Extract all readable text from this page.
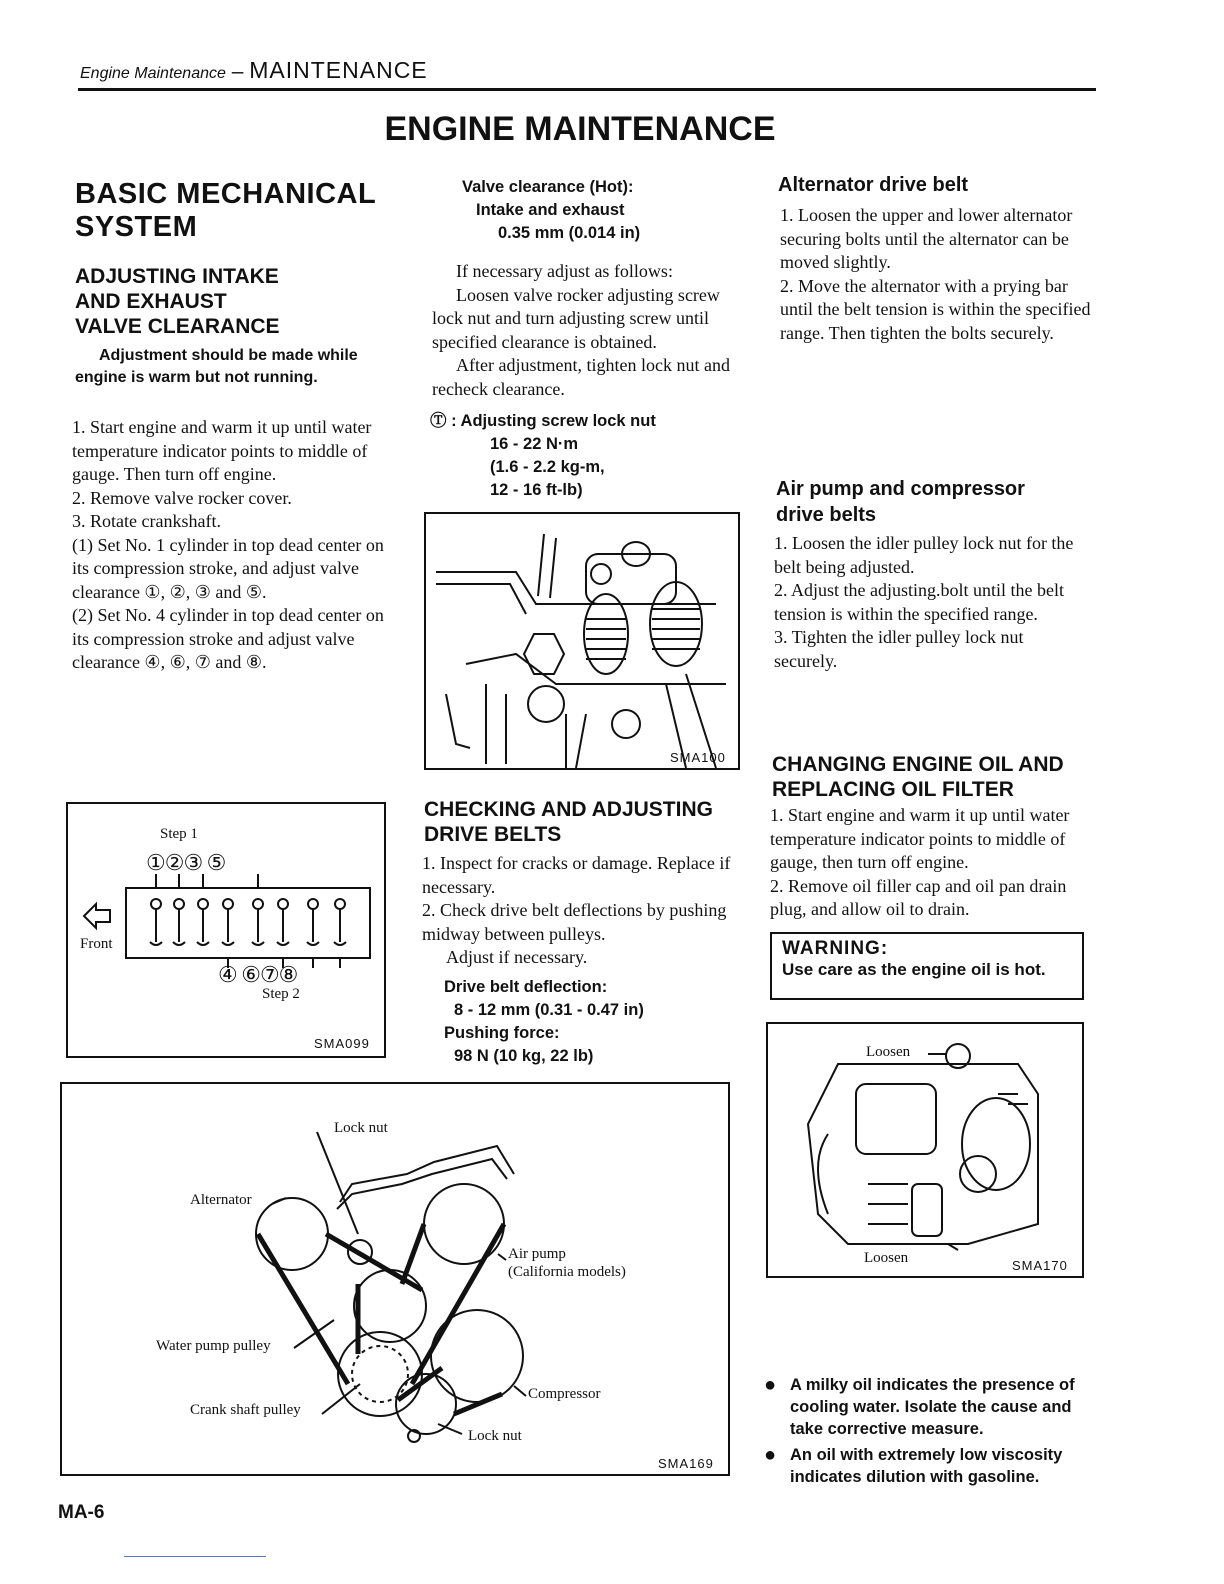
Engine Maintenance – MAINTENANCE
ENGINE MAINTENANCE
BASIC MECHANICAL
SYSTEM
ADJUSTING INTAKE
AND EXHAUST
VALVE CLEARANCE
Adjustment should be made while
engine is warm but not running.

1. Start engine and warm it up until water temperature indicator points to middle of gauge. Then turn off engine.

2. Remove valve rocker cover.

3. Rotate crankshaft.

(1) Set No. 1 cylinder in top dead center on its compression stroke, and adjust valve clearance ①, ②, ③ and ⑤.

(2) Set No. 4 cylinder in top dead center on its compression stroke and adjust valve clearance ④, ⑥, ⑦ and ⑧.

Step 1
①②③ ⑤
Front
④ ⑥⑦⑧
Step 2
SMA099
Valve clearance (Hot):
Intake and exhaust
0.35 mm (0.014 in)

If necessary adjust as follows:

Loosen valve rocker adjusting screw lock nut and turn adjusting screw until specified clearance is obtained.

After adjustment, tighten lock nut and recheck clearance.

Ⓣ : Adjusting screw lock nut
16 - 22 N·m
(1.6 - 2.2 kg-m,
12 - 16 ft-lb)
SMA100
CHECKING AND ADJUSTING
DRIVE BELTS

1. Inspect for cracks or damage. Replace if necessary.

2. Check drive belt deflections by pushing midway between pulleys.

Adjust if necessary.

Drive belt deflection:
8 - 12 mm (0.31 - 0.47 in)
Pushing force:
98 N (10 kg, 22 lb)
Lock nut
Alternator
Air pump
(California models)
Water pump pulley
Compressor
Crank shaft pulley
Lock nut
SMA169
Alternator drive belt

1. Loosen the upper and lower alternator securing bolts until the alternator can be moved slightly.

2. Move the alternator with a prying bar until the belt tension is within the specified range. Then tighten the bolts securely.

Air pump and compressor
drive belts

1. Loosen the idler pulley lock nut for the belt being adjusted.

2. Adjust the adjusting.bolt until the belt tension is within the specified range.

3. Tighten the idler pulley lock nut securely.

CHANGING ENGINE OIL AND
REPLACING OIL FILTER

1. Start engine and warm it up until water temperature indicator points to middle of gauge, then turn off engine.

2. Remove oil filler cap and oil pan drain plug, and allow oil to drain.

WARNING:
Use care as the engine oil is hot.
Loosen
Loosen	SMA170
● A milky oil indicates the presence of cooling water. Isolate the cause and take corrective measure.
● An oil with extremely low viscosity indicates dilution with gasoline.
MA-6
